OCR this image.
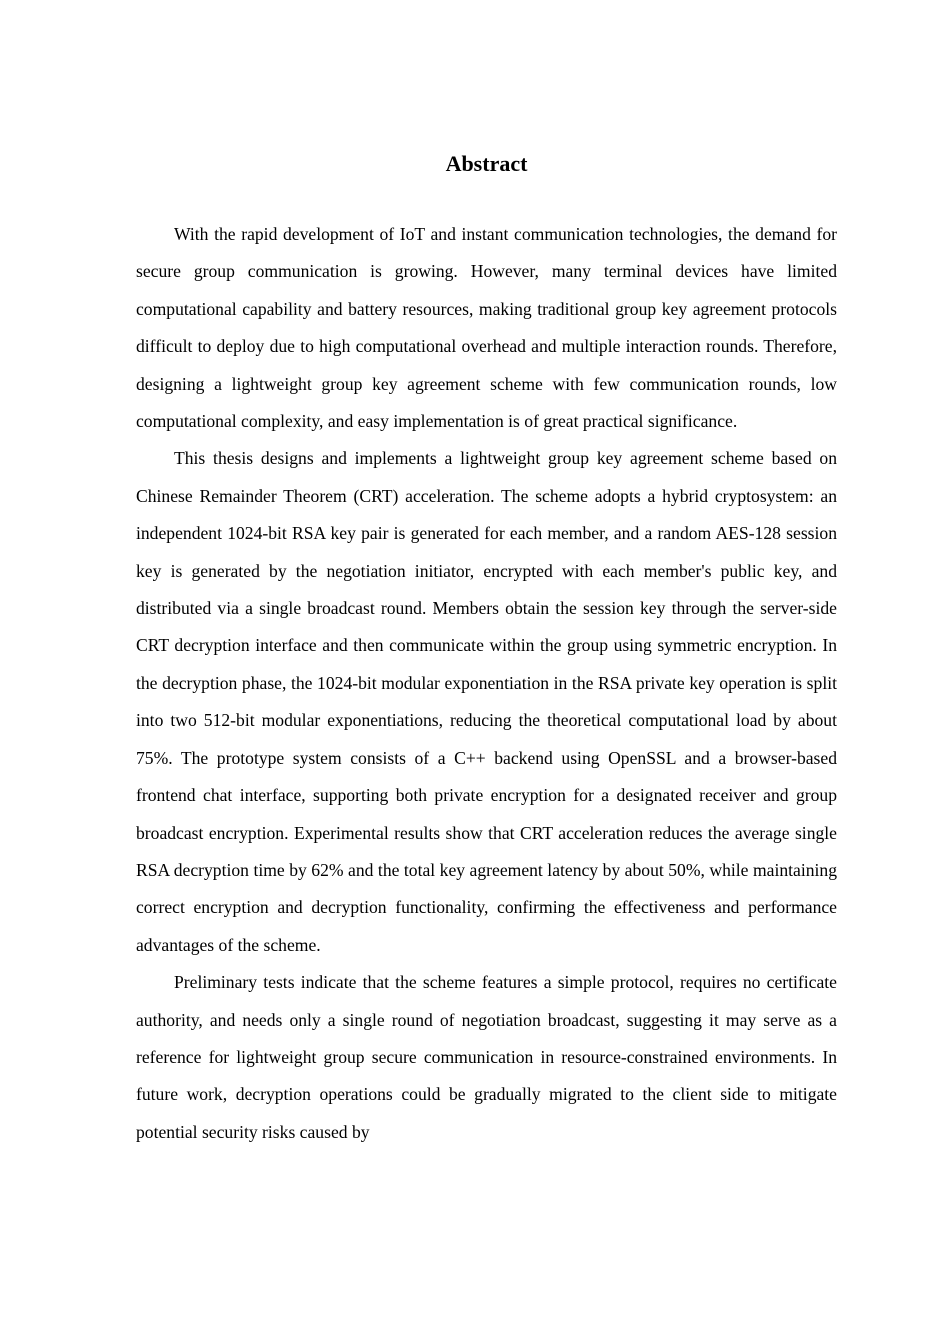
Abstract

With the rapid development of IoT and instant communication technologies, the demand for secure group communication is growing. However, many terminal devices have limited computational capability and battery resources, making traditional group key agreement protocols difficult to deploy due to high computational overhead and multiple interaction rounds. Therefore, designing a lightweight group key agreement scheme with few communication rounds, low computational complexity, and easy implementation is of great practical significance.

This thesis designs and implements a lightweight group key agreement scheme based on Chinese Remainder Theorem (CRT) acceleration. The scheme adopts a hybrid cryptosystem: an independent 1024-bit RSA key pair is generated for each member, and a random AES-128 session key is generated by the negotiation initiator, encrypted with each member's public key, and distributed via a single broadcast round. Members obtain the session key through the server-side CRT decryption interface and then communicate within the group using symmetric encryption. In the decryption phase, the 1024-bit modular exponentiation in the RSA private key operation is split into two 512-bit modular exponentiations, reducing the theoretical computational load by about 75%. The prototype system consists of a C++ backend using OpenSSL and a browser-based frontend chat interface, supporting both private encryption for a designated receiver and group broadcast encryption. Experimental results show that CRT acceleration reduces the average single RSA decryption time by 62% and the total key agreement latency by about 50%, while maintaining correct encryption and decryption functionality, confirming the effectiveness and performance advantages of the scheme.

Preliminary tests indicate that the scheme features a simple protocol, requires no certificate authority, and needs only a single round of negotiation broadcast, suggesting it may serve as a reference for lightweight group secure communication in resource-constrained environments. In future work, decryption operations could be gradually migrated to the client side to mitigate potential security risks caused by
